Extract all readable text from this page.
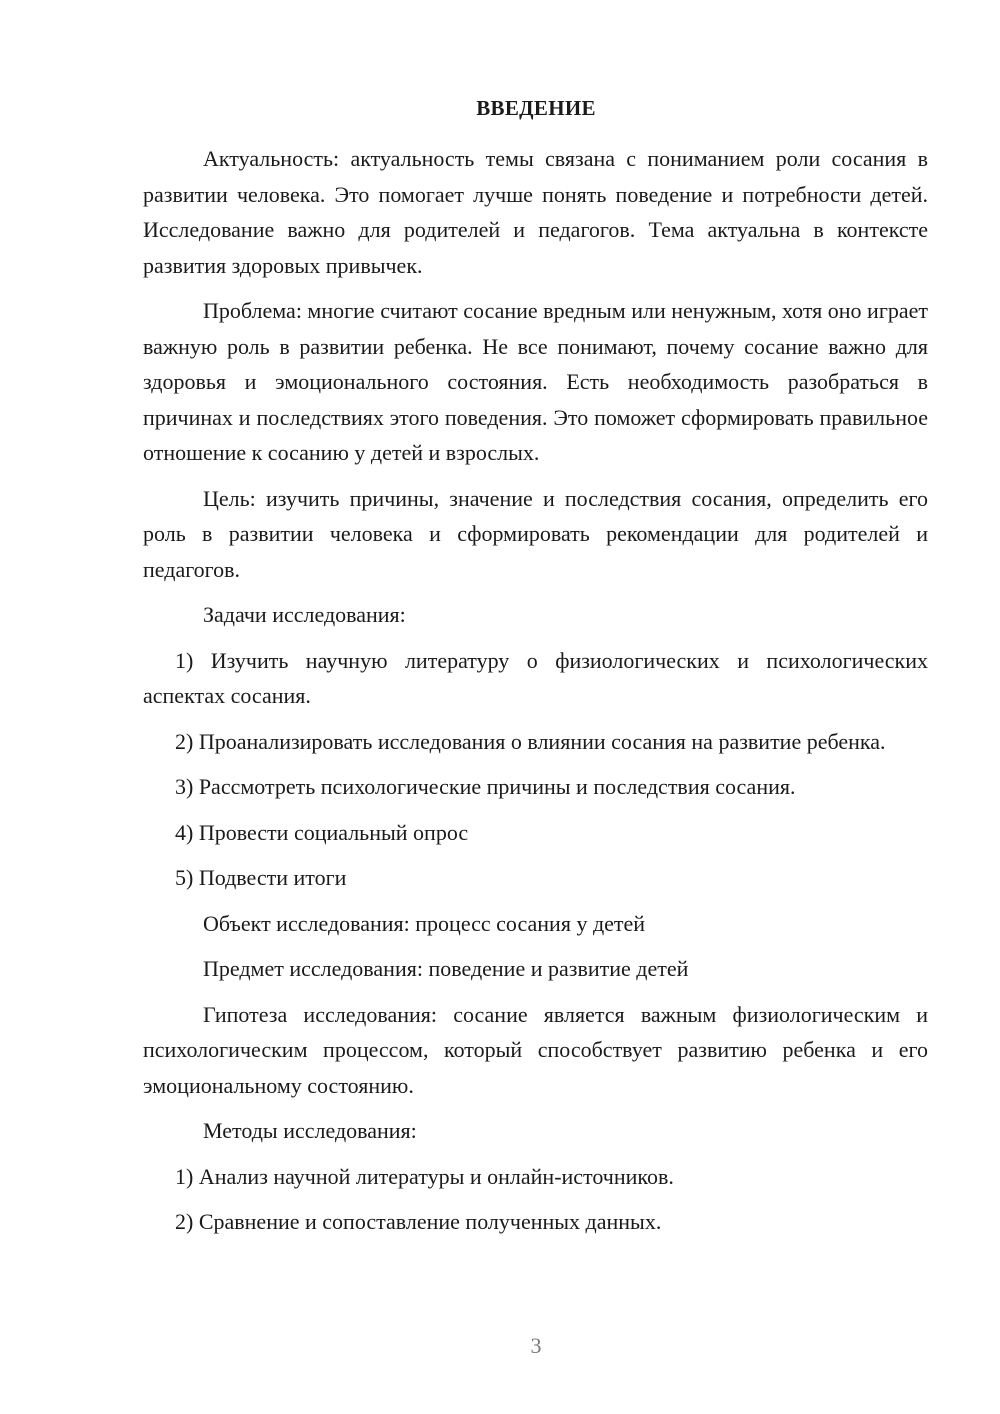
ВВЕДЕНИЕ

Актуальность: актуальность темы связана с пониманием роли сосания в развитии человека. Это помогает лучше понять поведение и потребности детей. Исследование важно для родителей и педагогов. Тема актуальна в контексте развития здоровых привычек.

Проблема: многие считают сосание вредным или ненужным, хотя оно играет важную роль в развитии ребенка. Не все понимают, почему сосание важно для здоровья и эмоционального состояния. Есть необходимость разобраться в причинах и последствиях этого поведения. Это поможет сформировать правильное отношение к сосанию у детей и взрослых.

Цель: изучить причины, значение и последствия сосания, определить его роль в развитии человека и сформировать рекомендации для родителей и педагогов.

Задачи исследования:

1) Изучить научную литературу о физиологических и психологических аспектах сосания.

2) Проанализировать исследования о влиянии сосания на развитие ребенка.

3) Рассмотреть психологические причины и последствия сосания.

4) Провести социальный опрос

5) Подвести итоги

Объект исследования: процесс сосания у детей

Предмет исследования: поведение и развитие детей

Гипотеза исследования: сосание является важным физиологическим и психологическим процессом, который способствует развитию ребенка и его эмоциональному состоянию.

Методы исследования:

1) Анализ научной литературы и онлайн-источников.

2) Сравнение и сопоставление полученных данных.

3
